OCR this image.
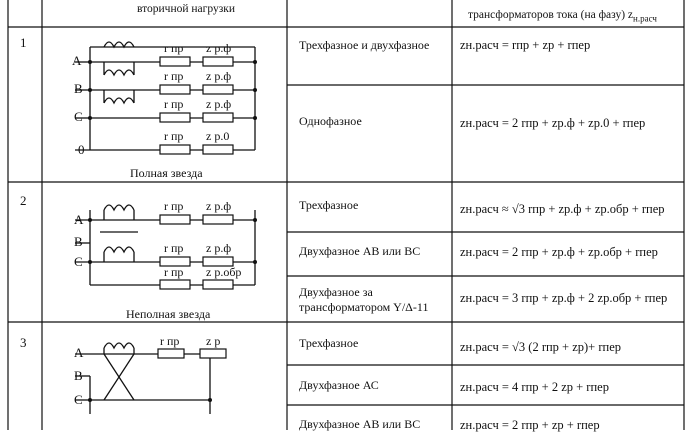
вторичной нагрузки	трансформаторов тока (на фазу) $z_{н.расч}$
1
2
3
r пр z р.ф
r пр z р.ф
r пр z р.ф
r пр z р.0
A
B
C
0
Полная звезда
r пр z р.ф
r пр z р.ф
r пр z р.обр
A
B
C
Неполная звезда
r пр z р
A
B
C
Трехфазное и двухфазное
Однофазное
Трехфазное
Двухфазное АВ или ВС
Двухфазное за
трансформатором Y/Δ-11
Трехфазное
Двухфазное АС
Двухфазное АВ или ВС
zн.расч = rпр + zр + rпер
zн.расч = 2 rпр + zр.ф + zр.0 + rпер
zн.расч ≈ √3 rпр + zр.ф + zр.обр + rпер
zн.расч = 2 rпр + zр.ф + zр.обр + rпер
zн.расч = 3 rпр + zр.ф + 2 zр.обр + rпер
zн.расч = √3 (2 rпр + zр)+ rпер
zн.расч = 4 rпр + 2 zр + rпер
zн.расч = 2 rпр + zр + rпер
